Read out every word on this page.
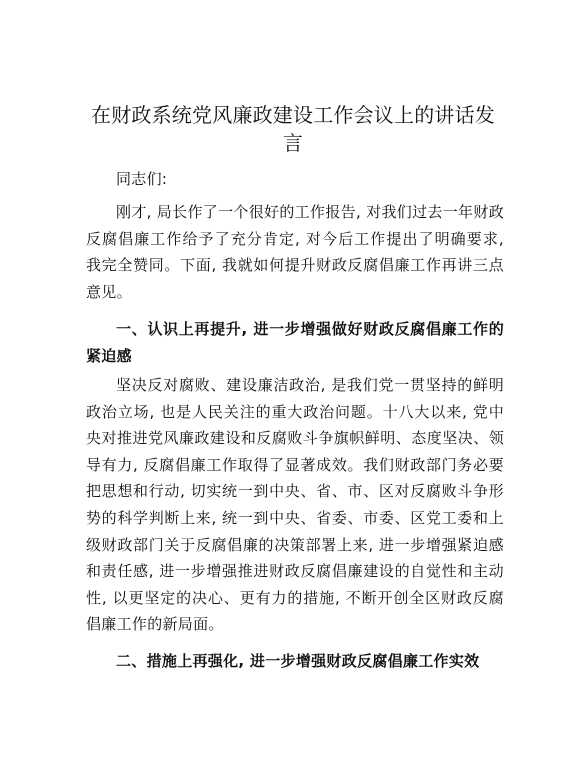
在财政系统党风廉政建设工作会议上的讲话发言

同志们:

刚才, 局长作了一个很好的工作报告, 对我们过去一年财政反腐倡廉工作给予了充分肯定, 对今后工作提出了明确要求, 我完全赞同。下面, 我就如何提升财政反腐倡廉工作再讲三点意见。

一、认识上再提升, 进一步增强做好财政反腐倡廉工作的紧迫感

坚决反对腐败、建设廉洁政治, 是我们党一贯坚持的鲜明政治立场, 也是人民关注的重大政治问题。十八大以来, 党中央对推进党风廉政建设和反腐败斗争旗帜鲜明、态度坚决、领导有力, 反腐倡廉工作取得了显著成效。我们财政部门务必要把思想和行动, 切实统一到中央、省、市、区对反腐败斗争形势的科学判断上来, 统一到中央、省委、市委、区党工委和上级财政部门关于反腐倡廉的决策部署上来, 进一步增强紧迫感和责任感, 进一步增强推进财政反腐倡廉建设的自觉性和主动性, 以更坚定的决心、更有力的措施, 不断开创全区财政反腐倡廉工作的新局面。

二、措施上再强化, 进一步增强财政反腐倡廉工作实效
